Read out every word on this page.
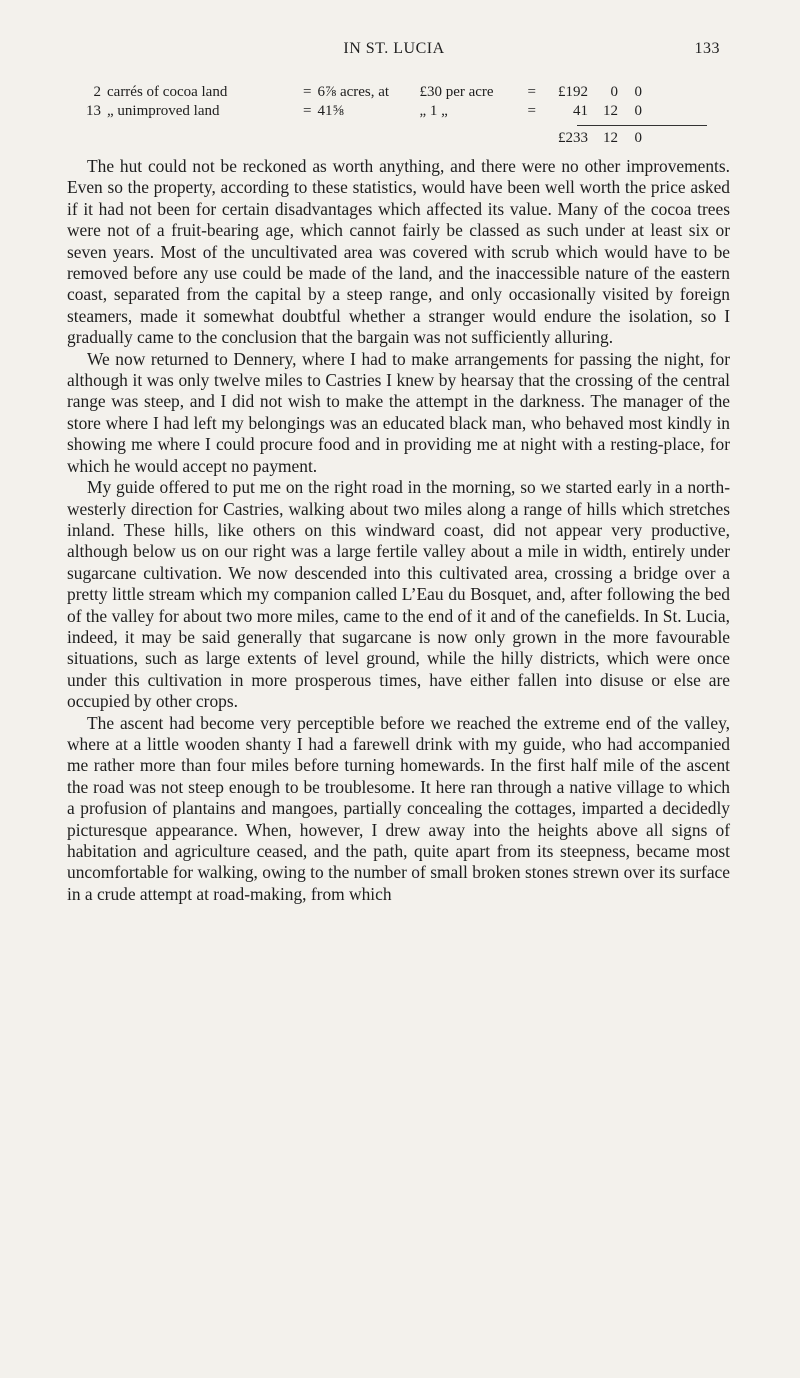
IN ST. LUCIA	133
2	carrés of cocoa land	=	6⅞ acres, at	£30 per acre	=	£192	0	0
13	„ unimproved land	=	41⅝	„ 1 „	=	41	12	0

						£233	12	0

The hut could not be reckoned as worth anything, and there were no other improvements. Even so the property, according to these statistics, would have been well worth the price asked if it had not been for certain disadvantages which affected its value. Many of the cocoa trees were not of a fruit-bearing age, which cannot fairly be classed as such under at least six or seven years. Most of the uncultivated area was covered with scrub which would have to be removed before any use could be made of the land, and the inaccessible nature of the eastern coast, separated from the capital by a steep range, and only occasionally visited by foreign steamers, made it somewhat doubtful whether a stranger would endure the isolation, so I gradually came to the conclusion that the bargain was not sufficiently alluring.

We now returned to Dennery, where I had to make arrangements for passing the night, for although it was only twelve miles to Castries I knew by hearsay that the crossing of the central range was steep, and I did not wish to make the attempt in the darkness. The manager of the store where I had left my belongings was an educated black man, who behaved most kindly in showing me where I could procure food and in providing me at night with a resting-place, for which he would accept no payment.

My guide offered to put me on the right road in the morning, so we started early in a north-westerly direction for Castries, walking about two miles along a range of hills which stretches inland. These hills, like others on this windward coast, did not appear very productive, although below us on our right was a large fertile valley about a mile in width, entirely under sugarcane cultivation. We now descended into this cultivated area, crossing a bridge over a pretty little stream which my companion called L’Eau du Bosquet, and, after following the bed of the valley for about two more miles, came to the end of it and of the canefields. In St. Lucia, indeed, it may be said generally that sugarcane is now only grown in the more favourable situations, such as large extents of level ground, while the hilly districts, which were once under this cultivation in more prosperous times, have either fallen into disuse or else are occupied by other crops.

The ascent had become very perceptible before we reached the extreme end of the valley, where at a little wooden shanty I had a farewell drink with my guide, who had accompanied me rather more than four miles before turning homewards. In the first half mile of the ascent the road was not steep enough to be troublesome. It here ran through a native village to which a profusion of plantains and mangoes, partially concealing the cottages, imparted a decidedly picturesque appearance. When, however, I drew away into the heights above all signs of habitation and agriculture ceased, and the path, quite apart from its steepness, became most uncomfortable for walking, owing to the number of small broken stones strewn over its surface in a crude attempt at road-making, from which
